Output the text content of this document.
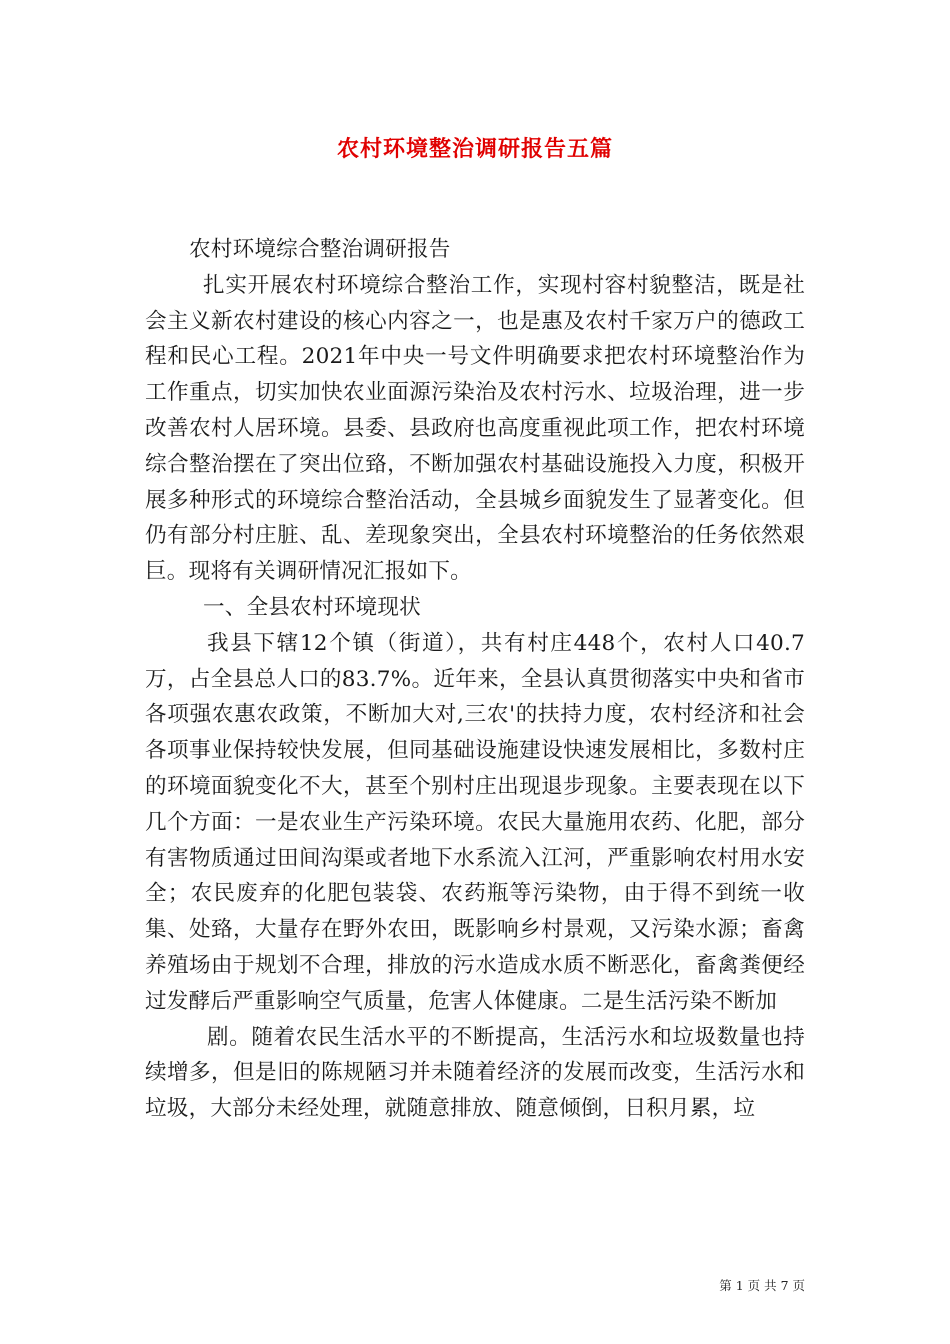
农村环境整治调研报告五篇

农村环境综合整治调研报告

扎实开展农村环境综合整治工作，实现村容村貌整洁，既是社会主义新农村建设的核心内容之一，也是惠及农村千家万户的德政工程和民心工程。2021年中央一号文件明确要求把农村环境整治作为工作重点，切实加快农业面源污染治及农村污水、垃圾治理，进一步改善农村人居环境。县委、县政府也高度重视此项工作，把农村环境综合整治摆在了突出位臵，不断加强农村基础设施投入力度，积极开展多种形式的环境综合整治活动，全县城乡面貌发生了显著变化。但仍有部分村庄脏、乱、差现象突出，全县农村环境整治的任务依然艰巨。现将有关调研情况汇报如下。

一、全县农村环境现状

我县下辖12个镇（街道），共有村庄448个，农村人口40.7万，占全县总人口的83.7%。近年来，全县认真贯彻落实中央和省市各项强农惠农政策，不断加大对,三农'的扶持力度，农村经济和社会各项事业保持较快发展，但同基础设施建设快速发展相比，多数村庄的环境面貌变化不大，甚至个别村庄出现退步现象。主要表现在以下几个方面：一是农业生产污染环境。农民大量施用农药、化肥，部分有害物质通过田间沟渠或者地下水系流入江河，严重影响农村用水安全；农民废弃的化肥包装袋、农药瓶等污染物，由于得不到统一收集、处臵，大量存在野外农田，既影响乡村景观，又污染水源；畜禽养殖场由于规划不合理，排放的污水造成水质不断恶化，畜禽粪便经过发酵后严重影响空气质量，危害人体健康。二是生活污染不断加

剧。随着农民生活水平的不断提高，生活污水和垃圾数量也持续增多，但是旧的陈规陋习并未随着经济的发展而改变，生活污水和垃圾，大部分未经处理，就随意排放、随意倾倒，日积月累，垃

第 1 页 共 7 页
